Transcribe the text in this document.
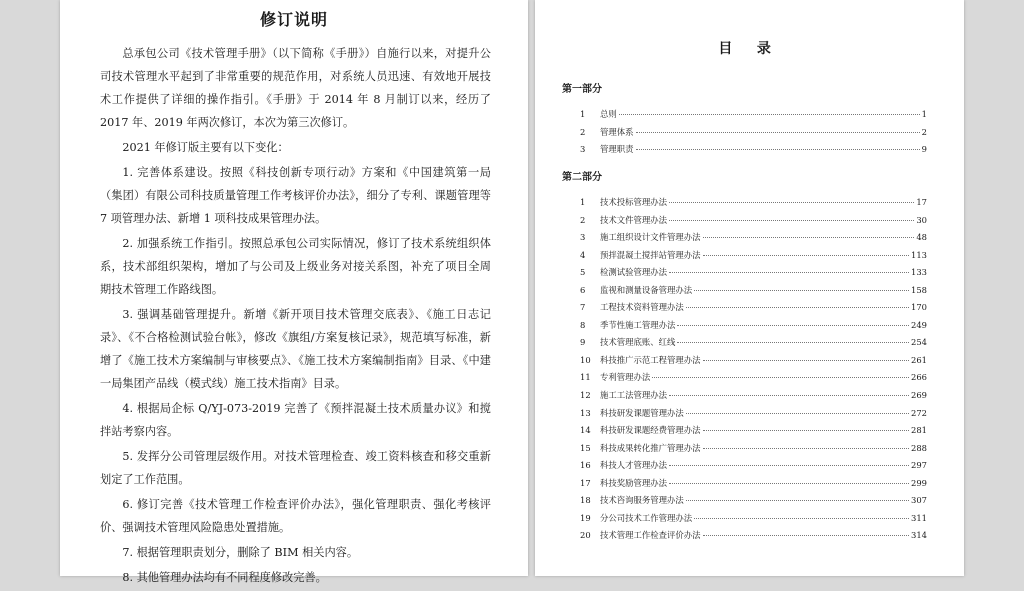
修订说明

总承包公司《技术管理手册》（以下简称《手册》）自施行以来，对提升公司技术管理水平起到了非常重要的规范作用，对系统人员迅速、有效地开展技术工作提供了详细的操作指引。《手册》于 2014 年 8 月制订以来，经历了 2017 年、2019 年两次修订，本次为第三次修订。

2021 年修订版主要有以下变化：

1. 完善体系建设。按照《科技创新专项行动》方案和《中国建筑第一局（集团）有限公司科技质量管理工作考核评价办法》，细分了专利、课题管理等 7 项管理办法、新增 1 项科技成果管理办法。

2. 加强系统工作指引。按照总承包公司实际情况，修订了技术系统组织体系，技术部组织架构，增加了与公司及上级业务对接关系图，补充了项目全周期技术管理工作路线图。

3. 强调基础管理提升。新增《新开项目技术管理交底表》、《施工日志记录》、《不合格检测试验台帐》，修改《旗组/方案复核记录》，规范填写标准，新增了《施工技术方案编制与审核要点》、《施工技术方案编制指南》目录、《中建一局集团产品线（模式线）施工技术指南》目录。

4. 根据局企标 Q/YJ-073-2019 完善了《预拌混凝土技术质量办议》和搅拌站考察内容。

5. 发挥分公司管理层级作用。对技术管理检查、竣工资料核查和移交重新划定了工作范围。

6. 修订完善《技术管理工作检查评价办法》，强化管理职责、强化考核评价、强调技术管理风险隐患处置措施。

7. 根据管理职责划分，删除了 BIM 相关内容。

8. 其他管理办法均有不同程度修改完善。

目 录
第一部分
1	总则	1
2	管理体系	2
3	管理职责	9
第二部分
1	技术投标管理办法	17
2	技术文件管理办法	30
3	施工组织设计文件管理办法	48
4	预拌混凝土搅拌站管理办法	113
5	检测试验管理办法	133
6	监视和测量设备管理办法	158
7	工程技术资料管理办法	170
8	季节性施工管理办法	249
9	技术管理底账、红线	254
10	科技推广示范工程管理办法	261
11	专利管理办法	266
12	施工工法管理办法	269
13	科技研发课题管理办法	272
14	科技研发课题经费管理办法	281
15	科技成果转化推广管理办法	288
16	科技人才管理办法	297
17	科技奖励管理办法	299
18	技术咨询服务管理办法	307
19	分公司技术工作管理办法	311
20	技术管理工作检查评价办法	314
